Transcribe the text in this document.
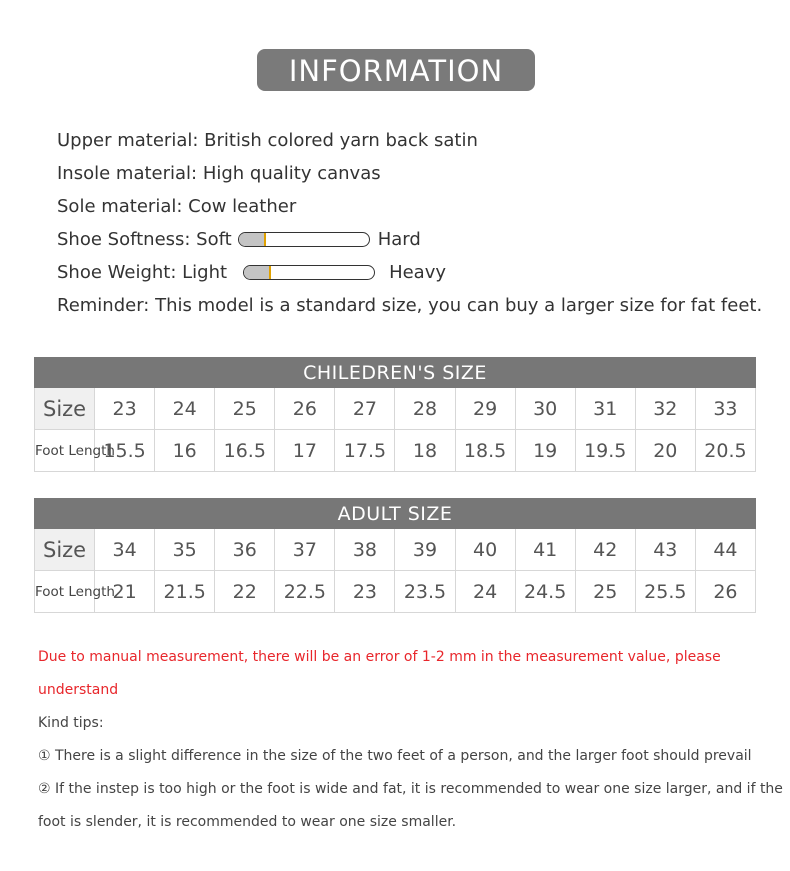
INFORMATION
Upper material: British colored yarn back satin
Insole material: High quality canvas
Sole material: Cow leather
Shoe Softness: Soft	Hard
Shoe Weight: Light	Heavy
Reminder: This model is a standard size, you can buy a larger size for fat feet.
CHILEDREN'S SIZE											
Size	23	24	25	26	27	28	29	30	31	32	33
Foot Length	15.5	16	16.5	17	17.5	18	18.5	19	19.5	20	20.5
ADULT SIZE											
Size	34	35	36	37	38	39	40	41	42	43	44
Foot Length	21	21.5	22	22.5	23	23.5	24	24.5	25	25.5	26
Due to manual measurement, there will be an error of 1-2 mm in the measurement value, please
understand
Kind tips:
① There is a slight difference in the size of the two feet of a person, and the larger foot should prevail
② If the instep is too high or the foot is wide and fat, it is recommended to wear one size larger, and if the
foot is slender, it is recommended to wear one size smaller.
